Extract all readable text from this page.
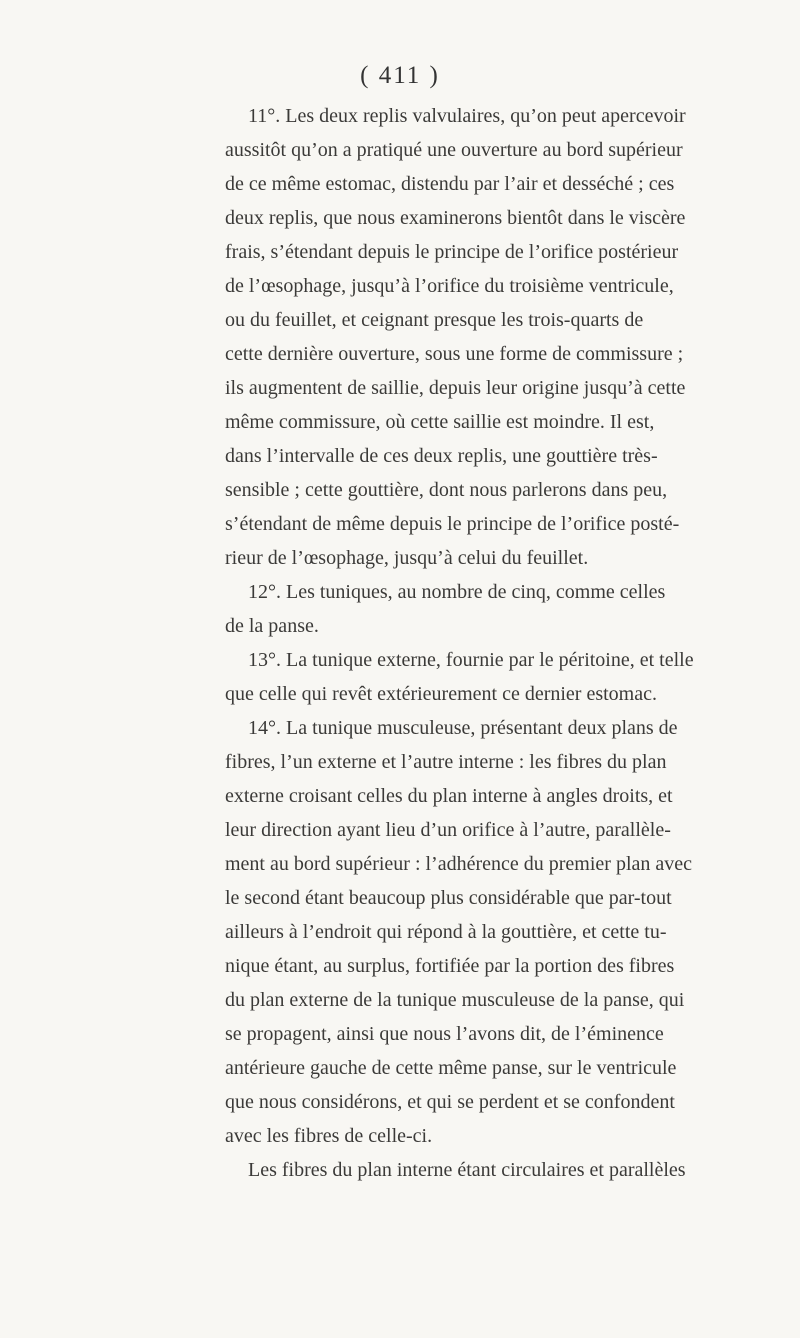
( 411 )
11°. Les deux replis valvulaires, qu’on peut apercevoir
aussitôt qu’on a pratiqué une ouverture au bord supérieur
de ce même estomac, distendu par l’air et desséché ; ces
deux replis, que nous examinerons bientôt dans le viscère
frais, s’étendant depuis le principe de l’orifice postérieur
de l’œsophage, jusqu’à l’orifice du troisième ventricule,
ou du feuillet, et ceignant presque les trois-quarts de
cette dernière ouverture, sous une forme de commissure ;
ils augmentent de saillie, depuis leur origine jusqu’à cette
même commissure, où cette saillie est moindre. Il est,
dans l’intervalle de ces deux replis, une gouttière très-
sensible ; cette gouttière, dont nous parlerons dans peu,
s’étendant de même depuis le principe de l’orifice posté-
rieur de l’œsophage, jusqu’à celui du feuillet.
12°. Les tuniques, au nombre de cinq, comme celles
de la panse.
13°. La tunique externe, fournie par le péritoine, et telle
que celle qui revêt extérieurement ce dernier estomac.
14°. La tunique musculeuse, présentant deux plans de
fibres, l’un externe et l’autre interne : les fibres du plan
externe croisant celles du plan interne à angles droits, et
leur direction ayant lieu d’un orifice à l’autre, parallèle-
ment au bord supérieur : l’adhérence du premier plan avec
le second étant beaucoup plus considérable que par-tout
ailleurs à l’endroit qui répond à la gouttière, et cette tu-
nique étant, au surplus, fortifiée par la portion des fibres
du plan externe de la tunique musculeuse de la panse, qui
se propagent, ainsi que nous l’avons dit, de l’éminence
antérieure gauche de cette même panse, sur le ventricule
que nous considérons, et qui se perdent et se confondent
avec les fibres de celle-ci.
Les fibres du plan interne étant circulaires et parallèles
